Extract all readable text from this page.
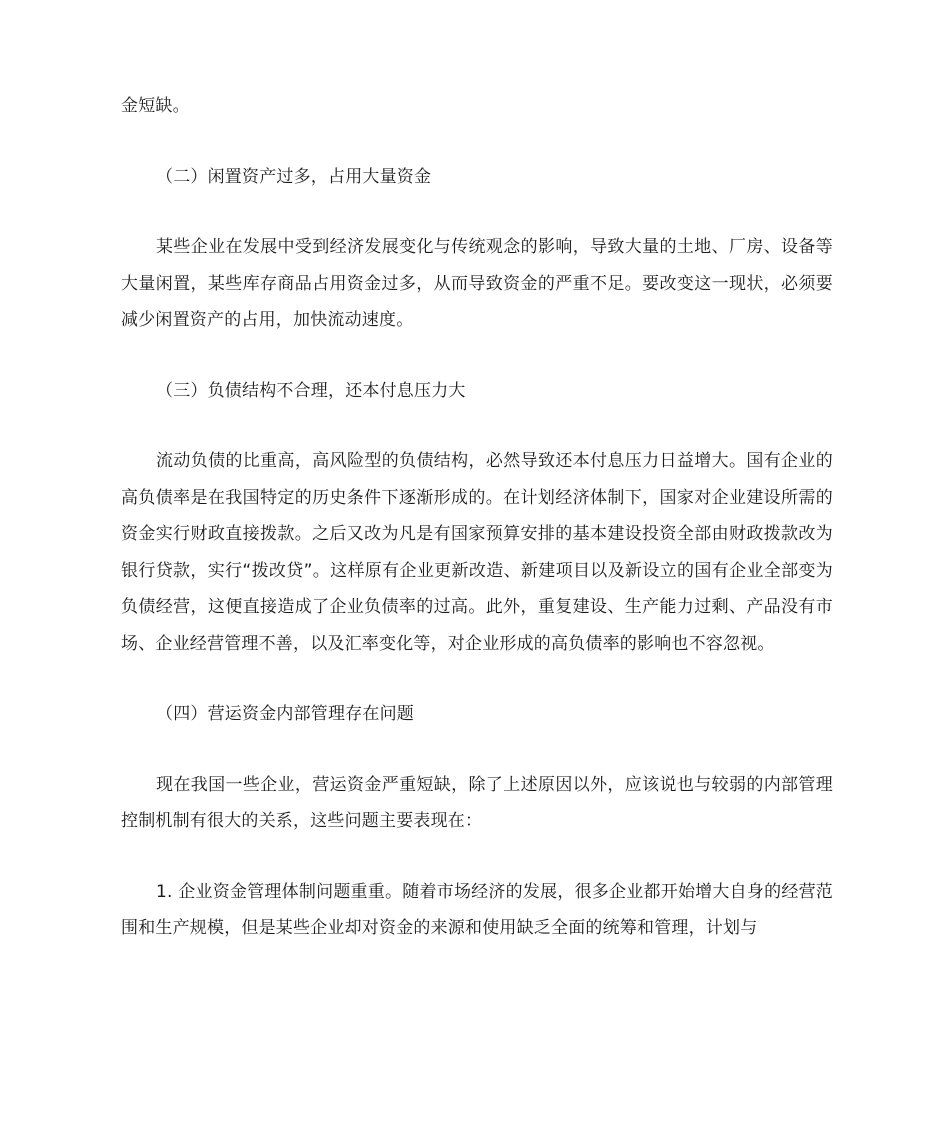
金短缺。

（二）闲置资产过多，占用大量资金

某些企业在发展中受到经济发展变化与传统观念的影响，导致大量的土地、厂房、设备等大量闲置，某些库存商品占用资金过多，从而导致资金的严重不足。要改变这一现状，必须要减少闲置资产的占用，加快流动速度。

（三）负债结构不合理，还本付息压力大

流动负债的比重高，高风险型的负债结构，必然导致还本付息压力日益增大。国有企业的高负债率是在我国特定的历史条件下逐渐形成的。在计划经济体制下，国家对企业建设所需的资金实行财政直接拨款。之后又改为凡是有国家预算安排的基本建设投资全部由财政拨款改为银行贷款，实行“拨改贷”。这样原有企业更新改造、新建项目以及新设立的国有企业全部变为负债经营，这便直接造成了企业负债率的过高。此外，重复建设、生产能力过剩、产品没有市场、企业经营管理不善，以及汇率变化等，对企业形成的高负债率的影响也不容忽视。

（四）营运资金内部管理存在问题

现在我国一些企业，营运资金严重短缺，除了上述原因以外，应该说也与较弱的内部管理控制机制有很大的关系，这些问题主要表现在：

1. 企业资金管理体制问题重重。随着市场经济的发展，很多企业都开始增大自身的经营范围和生产规模，但是某些企业却对资金的来源和使用缺乏全面的统筹和管理，计划与
